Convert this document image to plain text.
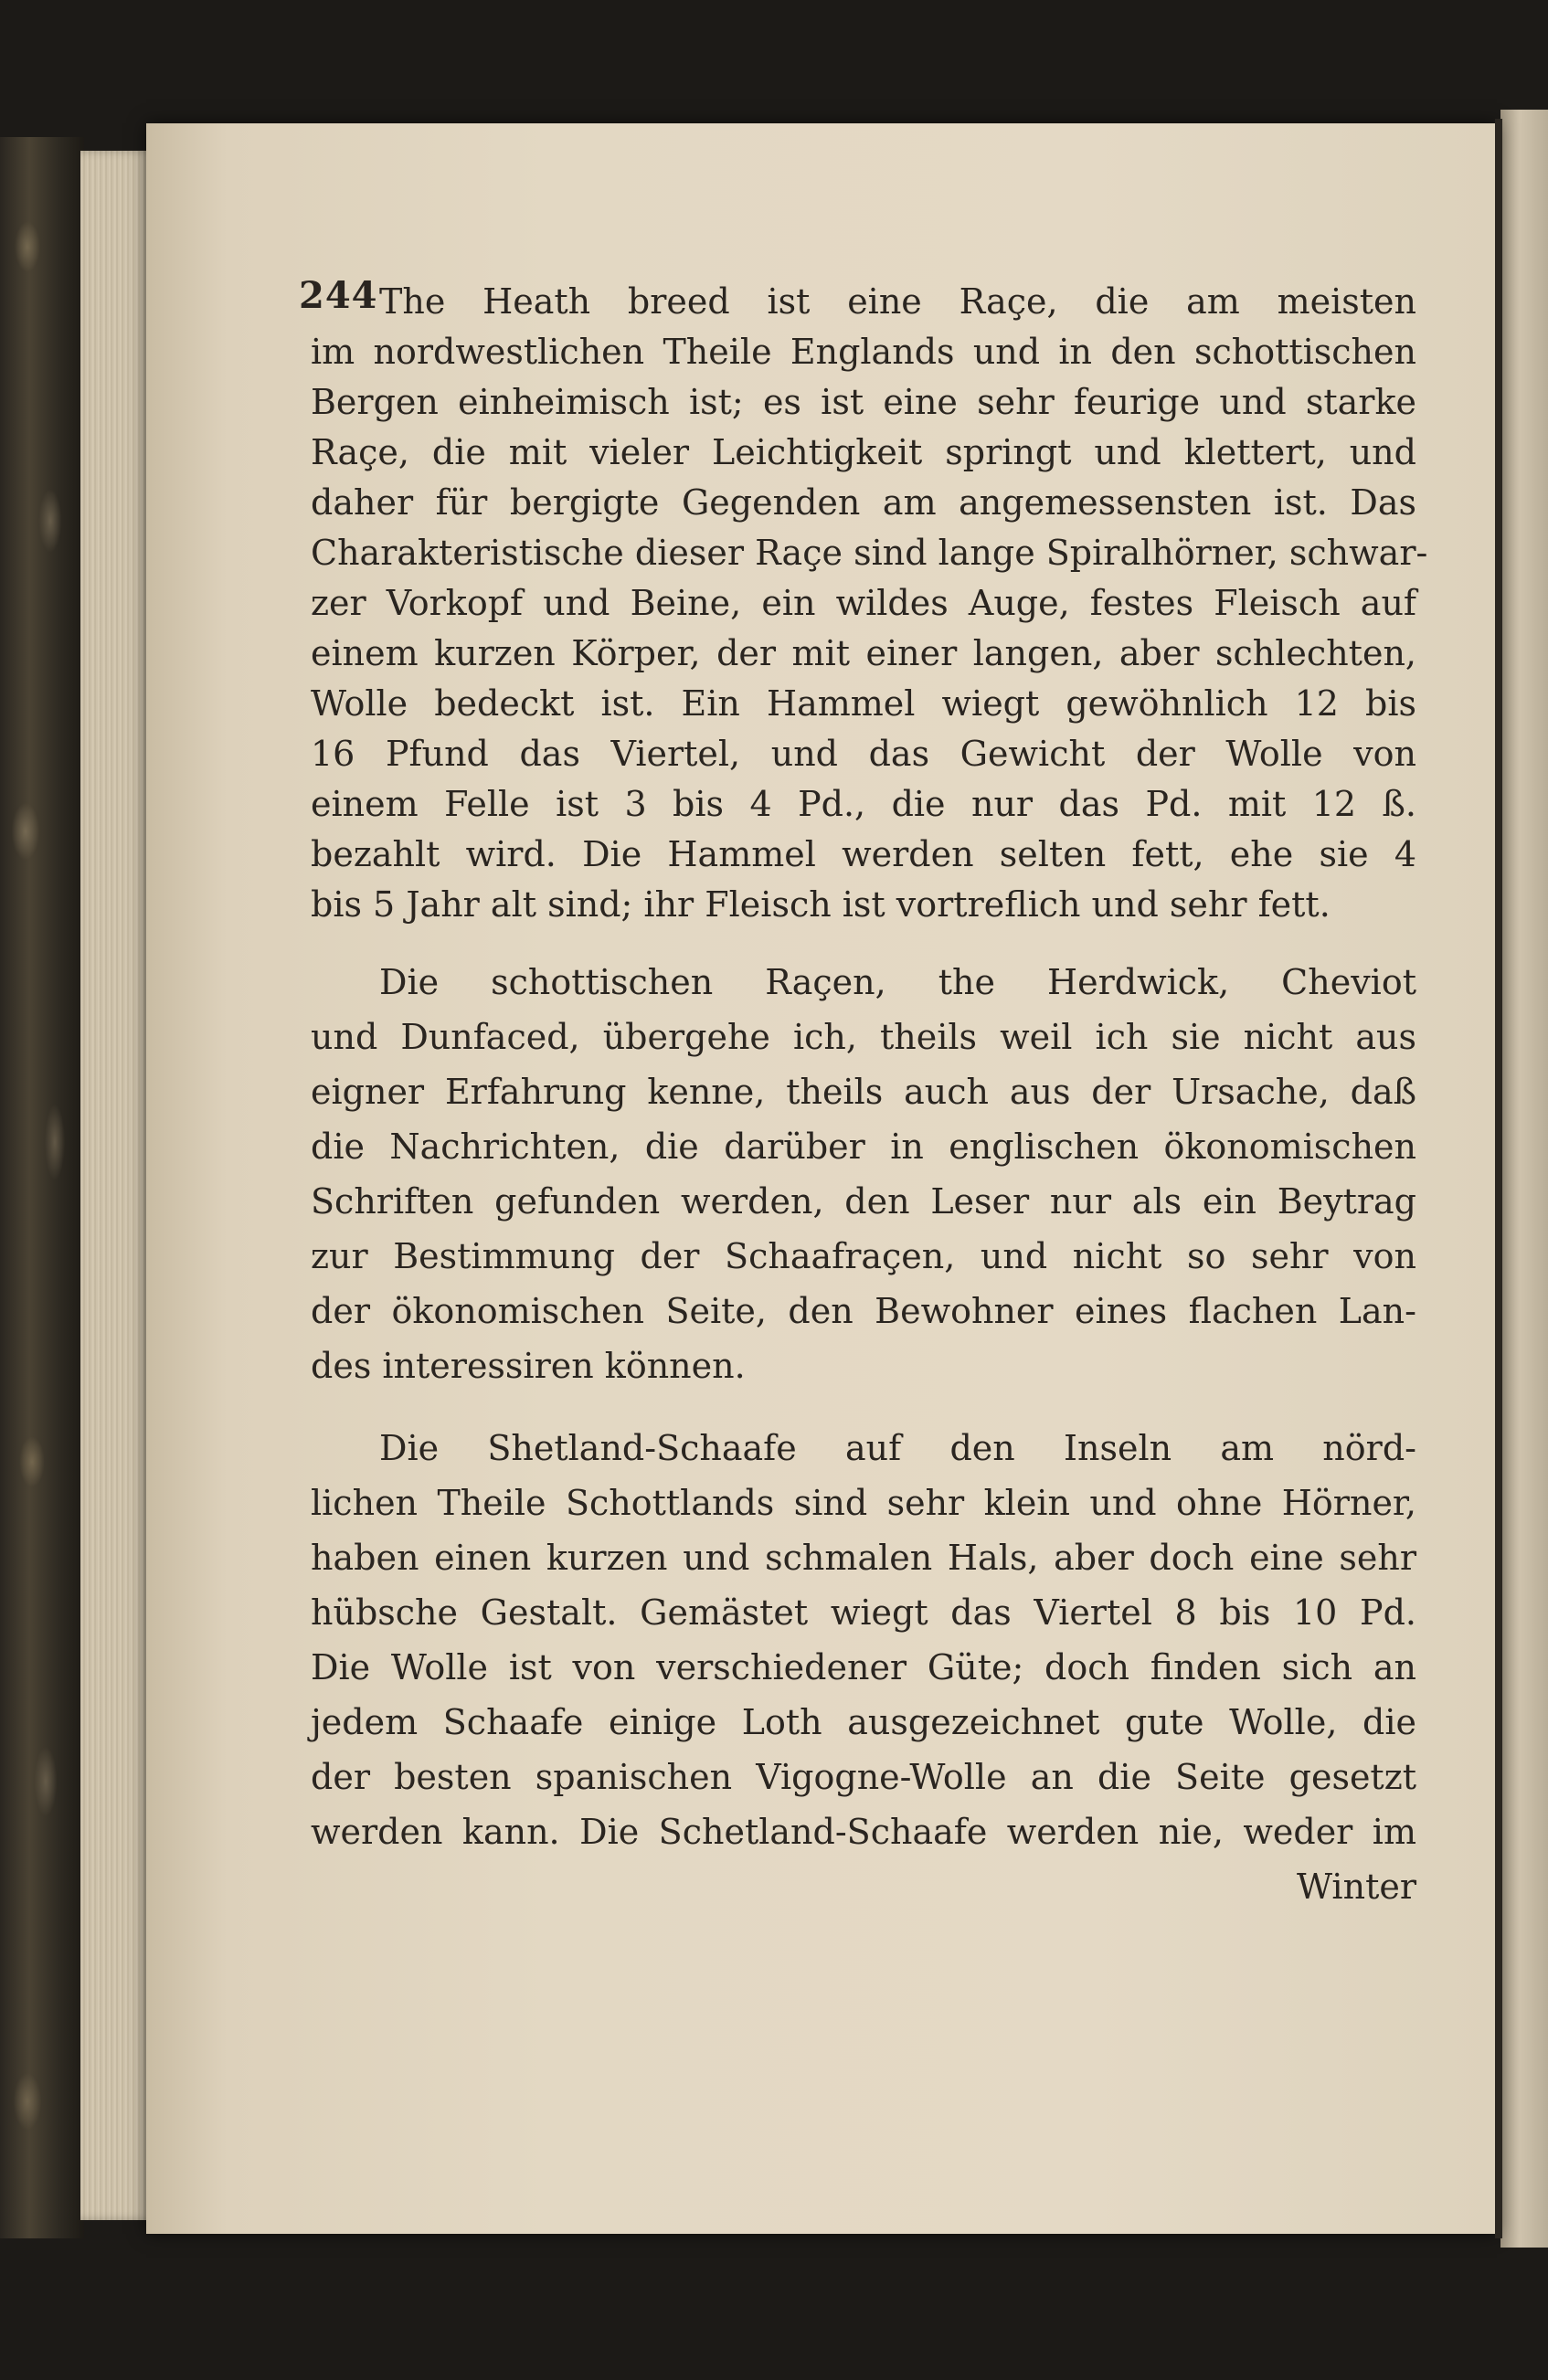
244 The Heath breed ist eine Raçe, die am meisten
im nordwestlichen Theile Englands und in den schottischen
Bergen einheimisch ist; es ist eine sehr feurige und starke
Raçe, die mit vieler Leichtigkeit springt und klettert, und
daher für bergigte Gegenden am angemessensten ist. Das
Charakteristische dieser Raçe sind lange Spiralhörner, schwar-
zer Vorkopf und Beine, ein wildes Auge, festes Fleisch auf
einem kurzen Körper, der mit einer langen, aber schlechten,
Wolle bedeckt ist. Ein Hammel wiegt gewöhnlich 12 bis
16 Pfund das Viertel, und das Gewicht der Wolle von
einem Felle ist 3 bis 4 Pd., die nur das Pd. mit 12 ß.
bezahlt wird. Die Hammel werden selten fett, ehe sie 4
bis 5 Jahr alt sind; ihr Fleisch ist vortreflich und sehr fett.
Die schottischen Raçen, the Herdwick, Cheviot
und Dunfaced, übergehe ich, theils weil ich sie nicht aus
eigner Erfahrung kenne, theils auch aus der Ursache, daß
die Nachrichten, die darüber in englischen ökonomischen
Schriften gefunden werden, den Leser nur als ein Beytrag
zur Bestimmung der Schaafraçen, und nicht so sehr von
der ökonomischen Seite, den Bewohner eines flachen Lan-
des interessiren können.
Die Shetland-Schaafe auf den Inseln am nörd-
lichen Theile Schottlands sind sehr klein und ohne Hörner,
haben einen kurzen und schmalen Hals, aber doch eine sehr
hübsche Gestalt. Gemästet wiegt das Viertel 8 bis 10 Pd.
Die Wolle ist von verschiedener Güte; doch finden sich an
jedem Schaafe einige Loth ausgezeichnet gute Wolle, die
der besten spanischen Vigogne-Wolle an die Seite gesetzt
werden kann. Die Schetland-Schaafe werden nie, weder im
Winter
